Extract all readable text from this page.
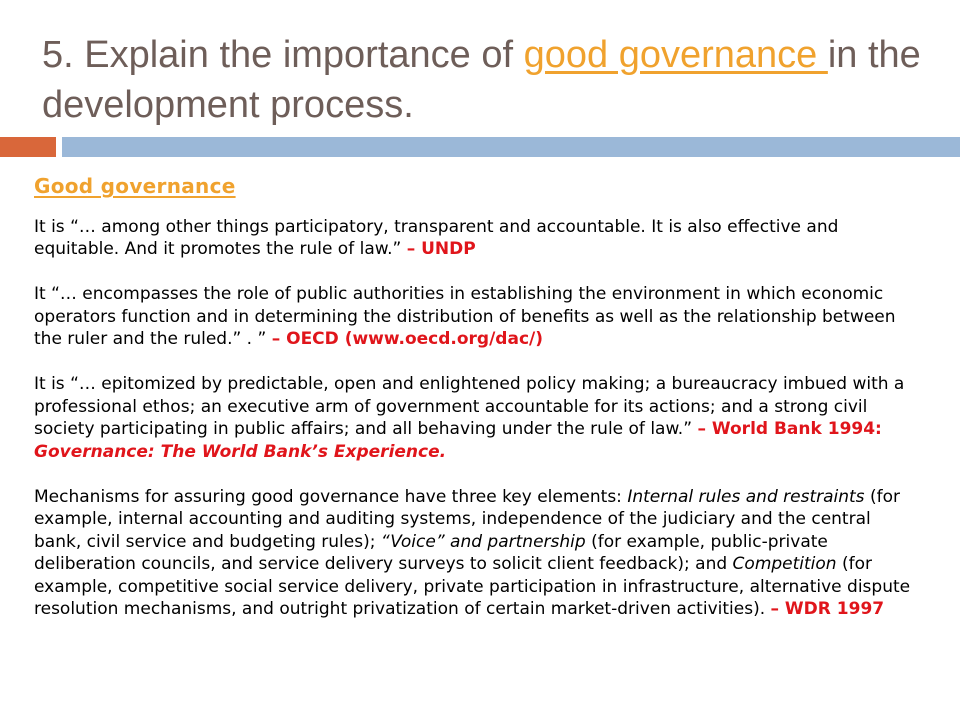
5. Explain the importance of good governance in the development process.
Good governance

It is “… among other things participatory, transparent and accountable. It is also effective and equitable. And it promotes the rule of law.” – UNDP

It “… encompasses the role of public authorities in establishing the environment in which economic operators function and in determining the distribution of benefits as well as the relationship between the ruler and the ruled.” . ” – OECD (www.oecd.org/dac/)

It is “… epitomized by predictable, open and enlightened policy making; a bureaucracy imbued with a professional ethos; an executive arm of government accountable for its actions; and a strong civil society participating in public affairs; and all behaving under the rule of law.” – World Bank 1994: Governance: The World Bank’s Experience.

Mechanisms for assuring good governance have three key elements: Internal rules and restraints (for example, internal accounting and auditing systems, independence of the judiciary and the central bank, civil service and budgeting rules); “Voice” and partnership (for example, public-private deliberation councils, and service delivery surveys to solicit client feedback); and Competition (for example, competitive social service delivery, private participation in infrastructure, alternative dispute resolution mechanisms, and outright privatization of certain market-driven activities). – WDR 1997
